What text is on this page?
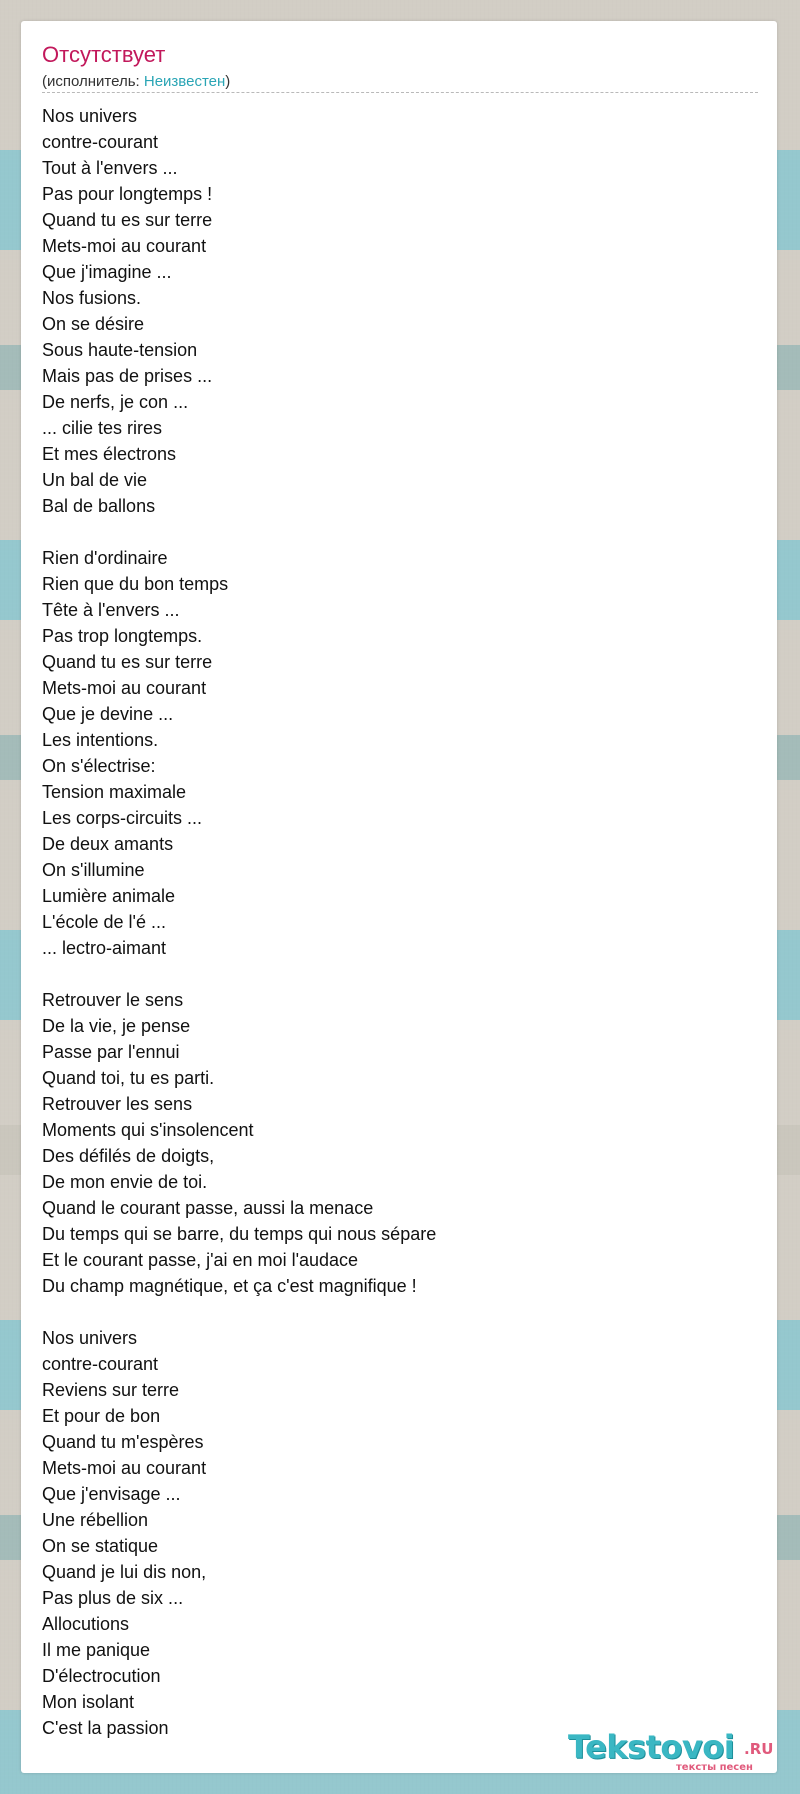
Отсутствует
(исполнитель: Неизвестен)
Nos univers
contre-courant
Tout à l'envers ...
Pas pour longtemps !
Quand tu es sur terre
Mets-moi au courant
Que j'imagine ...
Nos fusions.
On se désire
Sous haute-tension
Mais pas de prises ...
De nerfs, je con ...
... cilie tes rires
Et mes électrons
Un bal de vie
Bal de ballons
Rien d'ordinaire
Rien que du bon temps
Tête à l'envers ...
Pas trop longtemps.
Quand tu es sur terre
Mets-moi au courant
Que je devine ...
Les intentions.
On s'électrise:
Tension maximale
Les corps-circuits ...
De deux amants
On s'illumine
Lumière animale
L'école de l'é ...
... lectro-aimant
Retrouver le sens
De la vie, je pense
Passe par l'ennui
Quand toi, tu es parti.
Retrouver les sens
Moments qui s'insolencent
Des défilés de doigts,
De mon envie de toi.
Quand le courant passe, aussi la menace
Du temps qui se barre, du temps qui nous sépare
Et le courant passe, j'ai en moi l'audace
Du champ magnétique, et ça c'est magnifique !
Nos univers
contre-courant
Reviens sur terre
Et pour de bon
Quand tu m'espères
Mets-moi au courant
Que j'envisage ...
Une rébellion
On se statique
Quand je lui dis non,
Pas plus de six ...
Allocutions
Il me panique
D'électrocution
Mon isolant
C'est la passion	Tekstovoi .RU
тексты песен
